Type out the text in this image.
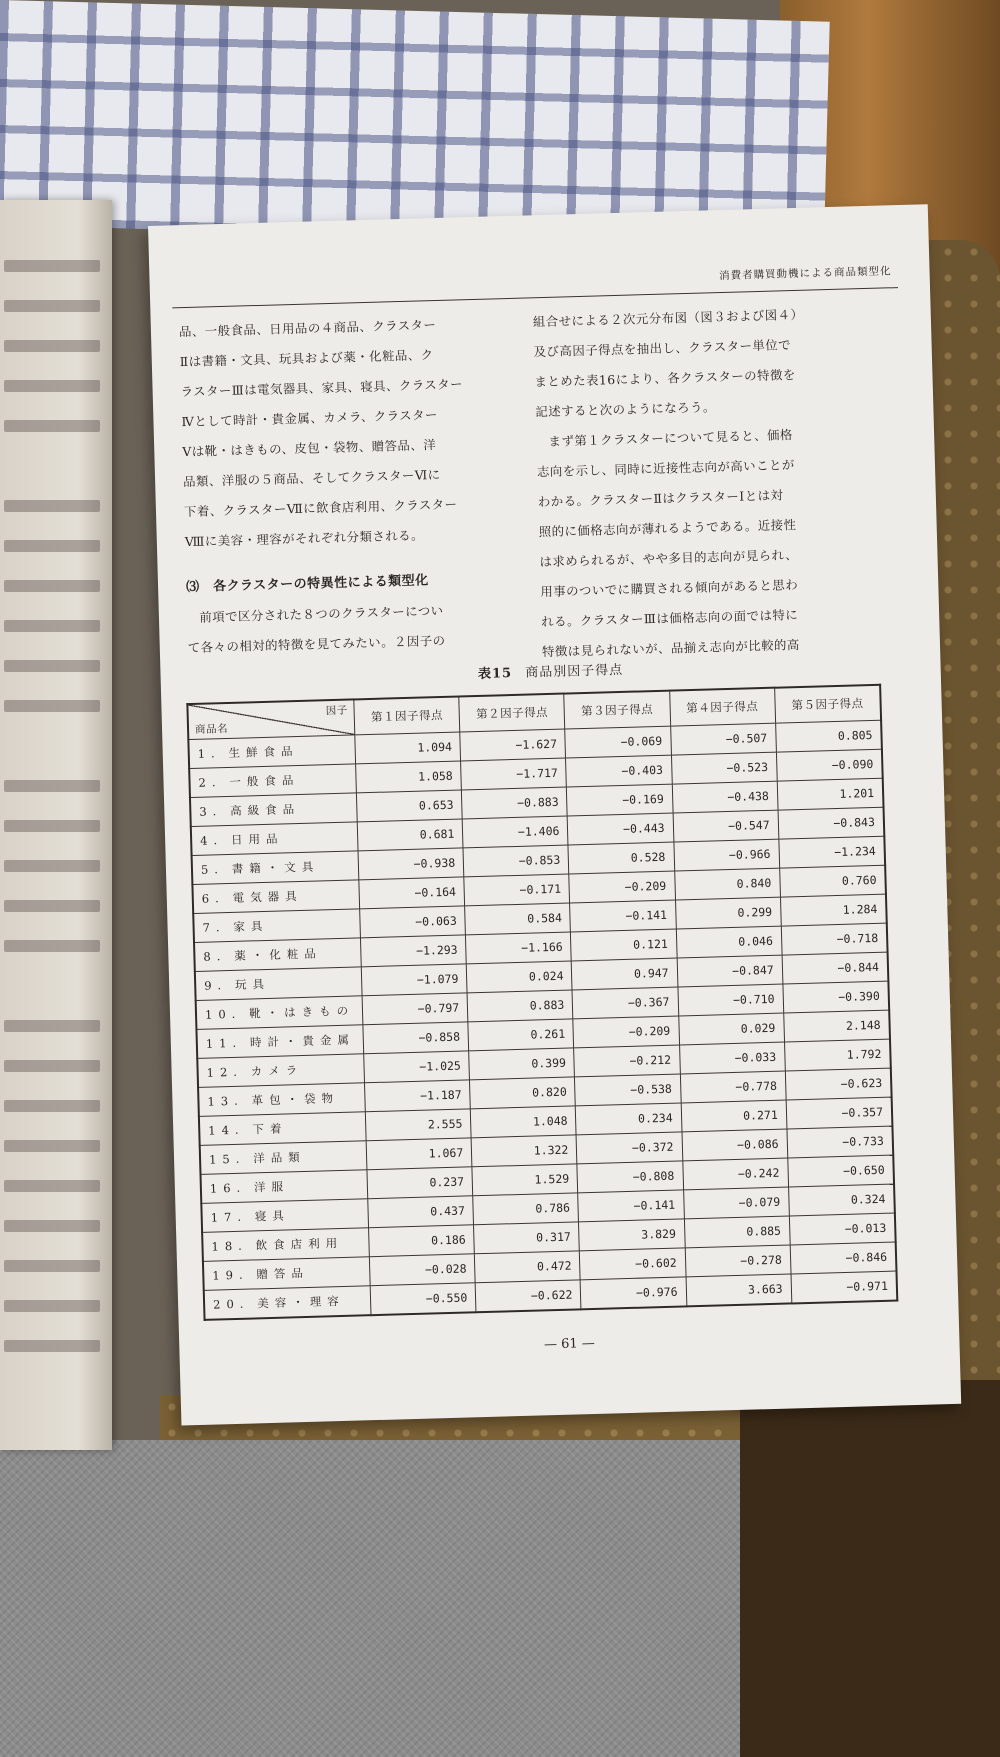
消費者購買動機による商品類型化

品、一般食品、日用品の４商品、クラスター

Ⅱは書籍・文具、玩具および薬・化粧品、ク

ラスターⅢは電気器具、家具、寝具、クラスター

Ⅳとして時計・貴金属、カメラ、クラスター

Ⅴは靴・はきもの、皮包・袋物、贈答品、洋

品類、洋服の５商品、そしてクラスターⅥに

下着、クラスターⅦに飲食店利用、クラスター

Ⅷに美容・理容がそれぞれ分類される。

⑶　各クラスターの特異性による類型化

前項で区分された８つのクラスターについ

て各々の相対的特徴を見てみたい。２因子の

組合せによる２次元分布図（図３および図４）

及び高因子得点を抽出し、クラスター単位で

まとめた表16により、各クラスターの特徴を

記述すると次のようになろう。

まず第１クラスターについて見ると、価格

志向を示し、同時に近接性志向が高いことが

わかる。クラスターⅡはクラスターⅠとは対

照的に価格志向が薄れるようである。近接性

は求められるが、やや多目的志向が見られ、

用事のついでに購買される傾向があると思わ

れる。クラスターⅢは価格志向の面では特に

特徴は見られないが、品揃え志向が比較的高

表15 商品別因子得点
因子
商品名	第１因子得点	第２因子得点	第３因子得点	第４因子得点	第５因子得点
1．生鮮食品	1.094	−1.627	−0.069	−0.507	0.805
2．一般食品	1.058	−1.717	−0.403	−0.523	−0.090
3．高級食品	0.653	−0.883	−0.169	−0.438	1.201
4．日用品	0.681	−1.406	−0.443	−0.547	−0.843
5．書籍・文具	−0.938	−0.853	0.528	−0.966	−1.234
6．電気器具	−0.164	−0.171	−0.209	0.840	0.760
7．家具	−0.063	0.584	−0.141	0.299	1.284
8．薬・化粧品	−1.293	−1.166	0.121	0.046	−0.718
9．玩具	−1.079	0.024	0.947	−0.847	−0.844
10．靴・はきもの	−0.797	0.883	−0.367	−0.710	−0.390
11．時計・貴金属	−0.858	0.261	−0.209	0.029	2.148
12．カメラ	−1.025	0.399	−0.212	−0.033	1.792
13．革包・袋物	−1.187	0.820	−0.538	−0.778	−0.623
14．下着	2.555	1.048	0.234	0.271	−0.357
15．洋品類	1.067	1.322	−0.372	−0.086	−0.733
16．洋服	0.237	1.529	−0.808	−0.242	−0.650
17．寝具	0.437	0.786	−0.141	−0.079	0.324
18．飲食店利用	0.186	0.317	3.829	0.885	−0.013
19．贈答品	−0.028	0.472	−0.602	−0.278	−0.846
20．美容・理容	−0.550	−0.622	−0.976	3.663	−0.971
— 61 —
